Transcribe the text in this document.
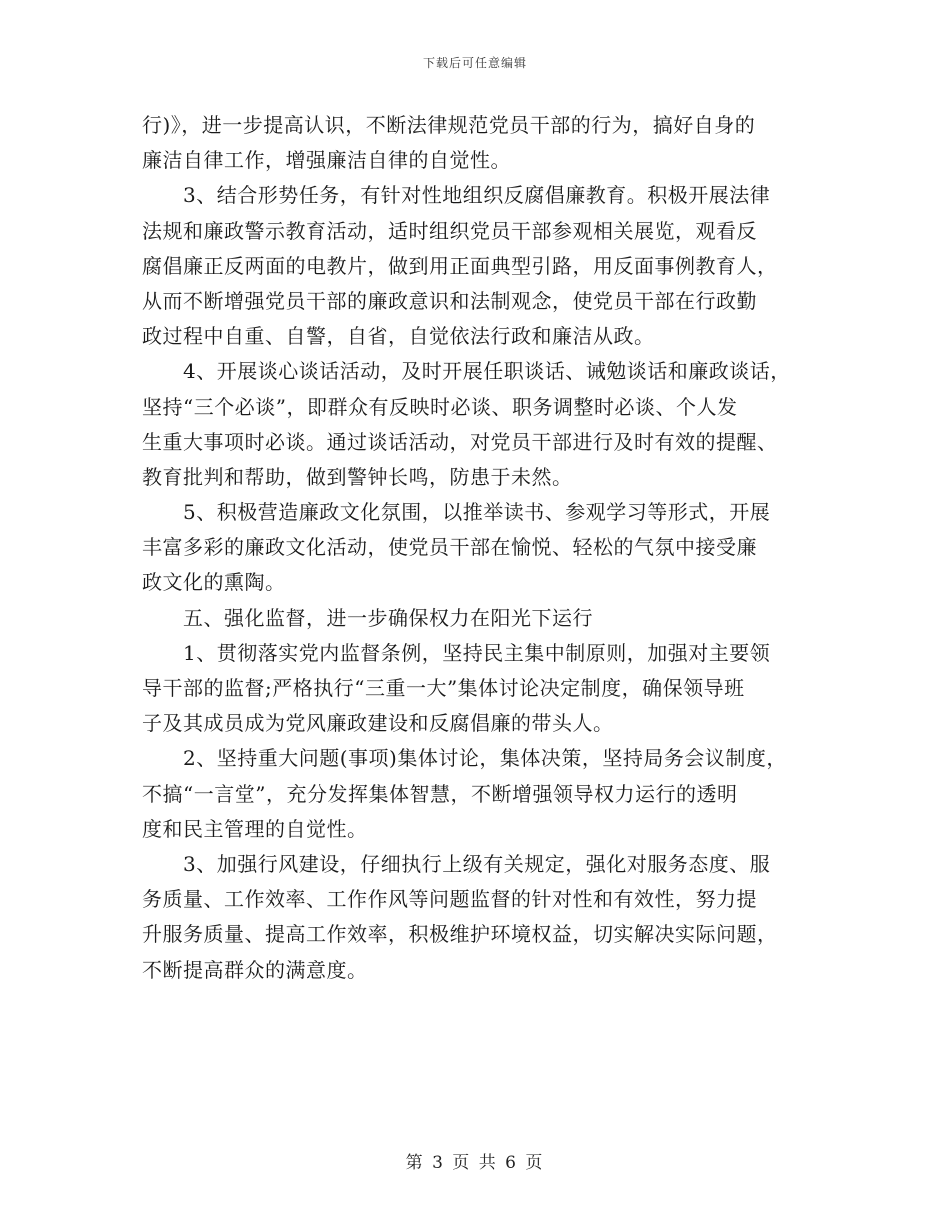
下载后可任意编辑
行)》，进一步提高认识，不断法律规范党员干部的行为，搞好自身的
廉洁自律工作，增强廉洁自律的自觉性。
　　3、结合形势任务，有针对性地组织反腐倡廉教育。积极开展法律
法规和廉政警示教育活动，适时组织党员干部参观相关展览，观看反
腐倡廉正反两面的电教片，做到用正面典型引路，用反面事例教育人，
从而不断增强党员干部的廉政意识和法制观念，使党员干部在行政勤
政过程中自重、自警，自省，自觉依法行政和廉洁从政。
　　4、开展谈心谈话活动，及时开展任职谈话、诫勉谈话和廉政谈话，
坚持“三个必谈”，即群众有反映时必谈、职务调整时必谈、个人发
生重大事项时必谈。通过谈话活动，对党员干部进行及时有效的提醒、
教育批判和帮助，做到警钟长鸣，防患于未然。
　　5、积极营造廉政文化氛围，以推举读书、参观学习等形式，开展
丰富多彩的廉政文化活动，使党员干部在愉悦、轻松的气氛中接受廉
政文化的熏陶。
　　五、强化监督，进一步确保权力在阳光下运行
　　1、贯彻落实党内监督条例，坚持民主集中制原则，加强对主要领
导干部的监督;严格执行“三重一大”集体讨论决定制度，确保领导班
子及其成员成为党风廉政建设和反腐倡廉的带头人。
　　2、坚持重大问题(事项)集体讨论，集体决策，坚持局务会议制度，
不搞“一言堂”，充分发挥集体智慧，不断增强领导权力运行的透明
度和民主管理的自觉性。
　　3、加强行风建设，仔细执行上级有关规定，强化对服务态度、服
务质量、工作效率、工作作风等问题监督的针对性和有效性，努力提
升服务质量、提高工作效率，积极维护环境权益，切实解决实际问题，
不断提高群众的满意度。
第 3 页 共 6 页
